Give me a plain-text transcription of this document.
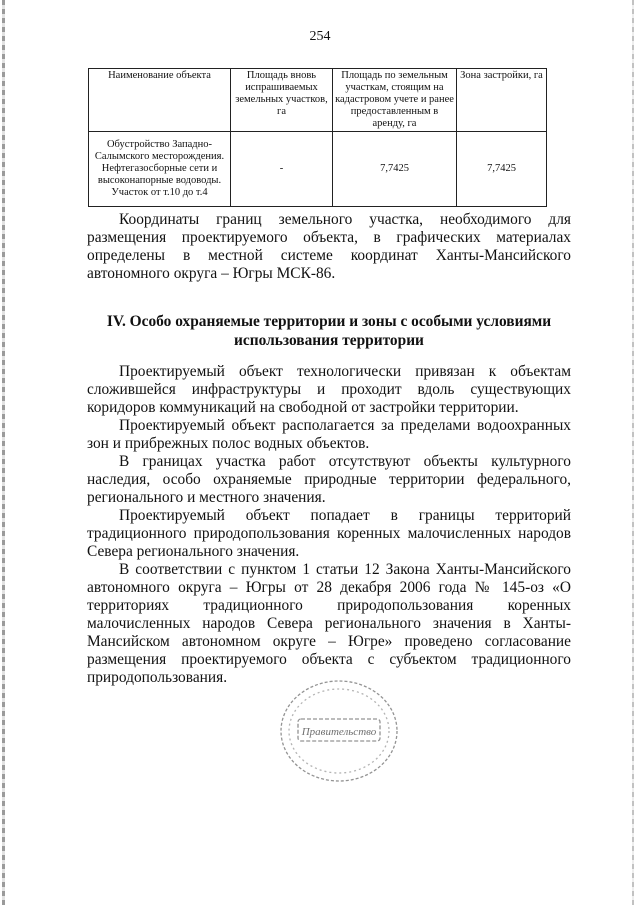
254
Наименование объекта	Площадь вновь испрашиваемых земельных участков, га	Площадь по земельным участкам, стоящим на кадастровом учете и ранее предоставленным в аренду, га	Зона застройки, га
Обустройство Западно-Салымского месторождения. Нефтегазосборные сети и высоконапорные водоводы. Участок от т.10 до т.4	-	7,7425	7,7425

Координаты границ земельного участка, необходимого для размещения проектируемого объекта, в графических материалах определены в местной системе координат Ханты-Мансийского автономного округа – Югры МСК-86.

IV. Особо охраняемые территории и зоны с особыми условиями
использования территории

Проектируемый объект технологически привязан к объектам сложившейся инфраструктуры и проходит вдоль существующих коридоров коммуникаций на свободной от застройки территории.

Проектируемый объект располагается за пределами водоохранных зон и прибрежных полос водных объектов.

В границах участка работ отсутствуют объекты культурного наследия, особо охраняемые природные территории федерального, регионального и местного значения.

Проектируемый объект попадает в границы территорий традиционного природопользования коренных малочисленных народов Севера регионального значения.

В соответствии с пунктом 1 статьи 12 Закона Ханты-Мансийского автономного округа – Югры от 28 декабря 2006 года № 145-оз «О территориях традиционного природопользования коренных малочисленных народов Севера регионального значения в Ханты-Мансийском автономном округе – Югре» проведено согласование размещения проектируемого объекта с субъектом традиционного природопользования.

Правительство
